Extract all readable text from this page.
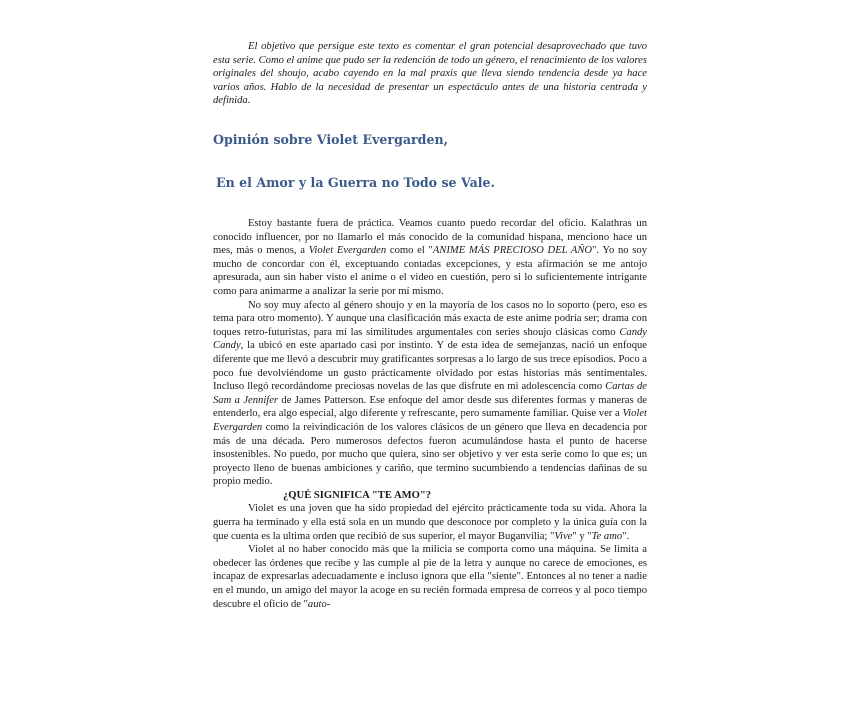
El objetivo que persigue este texto es comentar el gran potencial desaprovechado que tuvo esta serie. Como el anime que pudo ser la redención de todo un género, el renacimiento de los valores originales del shoujo, acabo cayendo en la mal praxis que lleva siendo tendencia desde ya hace varios años. Hablo de la necesidad de presentar un espectáculo antes de una historia centrada y definida.

Opinión sobre Violet Evergarden,
En el Amor y la Guerra no Todo se Vale.

Estoy bastante fuera de práctica. Veamos cuanto puedo recordar del oficio. Kalathras un conocido influencer, por no llamarlo el más conocido de la comunidad hispana, menciono hace un mes, más o menos, a Violet Evergarden como el "ANIME MÁS PRECIOSO DEL AÑO". Yo no soy mucho de concordar con él, exceptuando contadas excepciones, y esta afirmación se me antojo apresurada, aun sin haber visto el anime o el video en cuestión, pero si lo suficientemente intrigante como para animarme a analizar la serie por mí mismo.

No soy muy afecto al género shoujo y en la mayoría de los casos no lo soporto (pero, eso es tema para otro momento). Y aunque una clasificación más exacta de este anime podría ser; drama con toques retro-futuristas, para mí las similitudes argumentales con series shoujo clásicas como Candy Candy, la ubicó en este apartado casi por instinto. Y de esta idea de semejanzas, nació un enfoque diferente que me llevó a descubrir muy gratificantes sorpresas a lo largo de sus trece episodios. Poco a poco fue devolviéndome un gusto prácticamente olvidado por estas historias más sentimentales. Incluso llegó recordándome preciosas novelas de las que disfrute en mi adolescencia como Cartas de Sam a Jennifer de James Patterson. Ese enfoque del amor desde sus diferentes formas y maneras de entenderlo, era algo especial, algo diferente y refrescante, pero sumamente familiar. Quise ver a Violet Evergarden como la reivindicación de los valores clásicos de un género que lleva en decadencia por más de una década. Pero numerosos defectos fueron acumulándose hasta el punto de hacerse insostenibles. No puedo, por mucho que quiera, sino ser objetivo y ver esta serie como lo que es; un proyecto lleno de buenas ambiciones y cariño, que termino sucumbiendo a tendencias dañinas de su propio medio.

¿QUÉ SIGNIFICA "TE AMO"?

Violet es una joven que ha sido propiedad del ejército prácticamente toda su vida. Ahora la guerra ha terminado y ella está sola en un mundo que desconoce por completo y la única guía con la que cuenta es la ultima orden que recibió de sus superior, el mayor Buganvilia; "Vive" y "Te amo".

Violet al no haber conocido más que la milicia se comporta como una máquina. Se limita a obedecer las órdenes que recibe y las cumple al pie de la letra y aunque no carece de emociones, es incapaz de expresarlas adecuadamente e incluso ignora que ella "siente". Entonces al no tener a nadie en el mundo, un amigo del mayor la acoge en su recién formada empresa de correos y al poco tiempo descubre el oficio de "auto-
